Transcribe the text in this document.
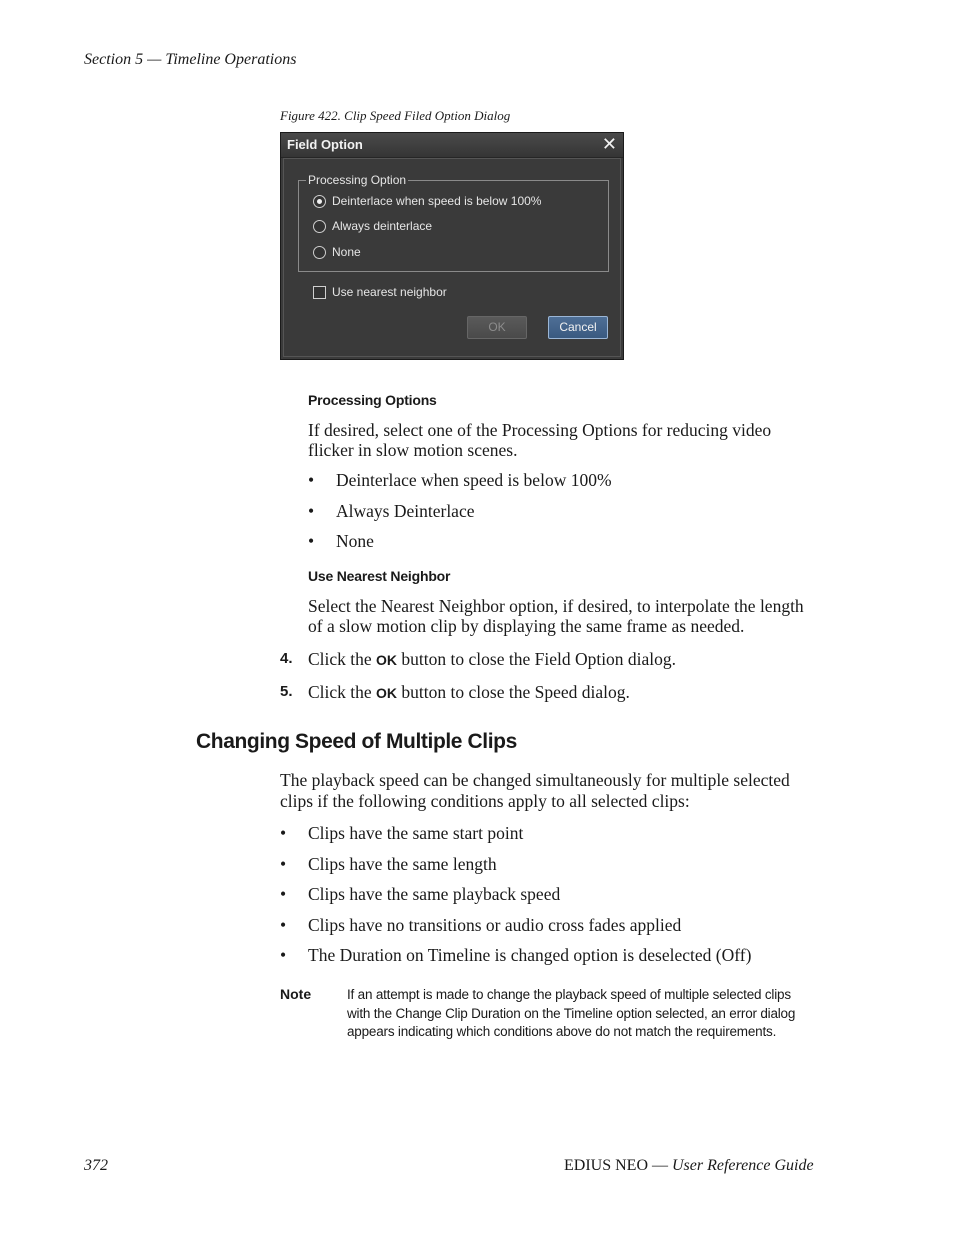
Section 5 — Timeline Operations
Figure 422. Clip Speed Filed Option Dialog
Field Option	✕
Processing Option
Deinterlace when speed is below 100%
Always deinterlace
None
Use nearest neighbor
OK	Cancel
Processing Options
If desired, select one of the Processing Options for reducing video
flicker in slow motion scenes.
• Deinterlace when speed is below 100%
• Always Deinterlace
• None
Use Nearest Neighbor
Select the Nearest Neighbor option, if desired, to interpolate the length
of a slow motion clip by displaying the same frame as needed.
4. Click the OK button to close the Field Option dialog.
5. Click the OK button to close the Speed dialog.
Changing Speed of Multiple Clips
The playback speed can be changed simultaneously for multiple selected
clips if the following conditions apply to all selected clips:
• Clips have the same start point
• Clips have the same length
• Clips have the same playback speed
• Clips have no transitions or audio cross fades applied
• The Duration on Timeline is changed option is deselected (Off)
Note	If an attempt is made to change the playback speed of multiple selected clips
with the Change Clip Duration on the Timeline option selected, an error dialog
appears indicating which conditions above do not match the requirements.
372	EDIUS NEO — User Reference Guide
